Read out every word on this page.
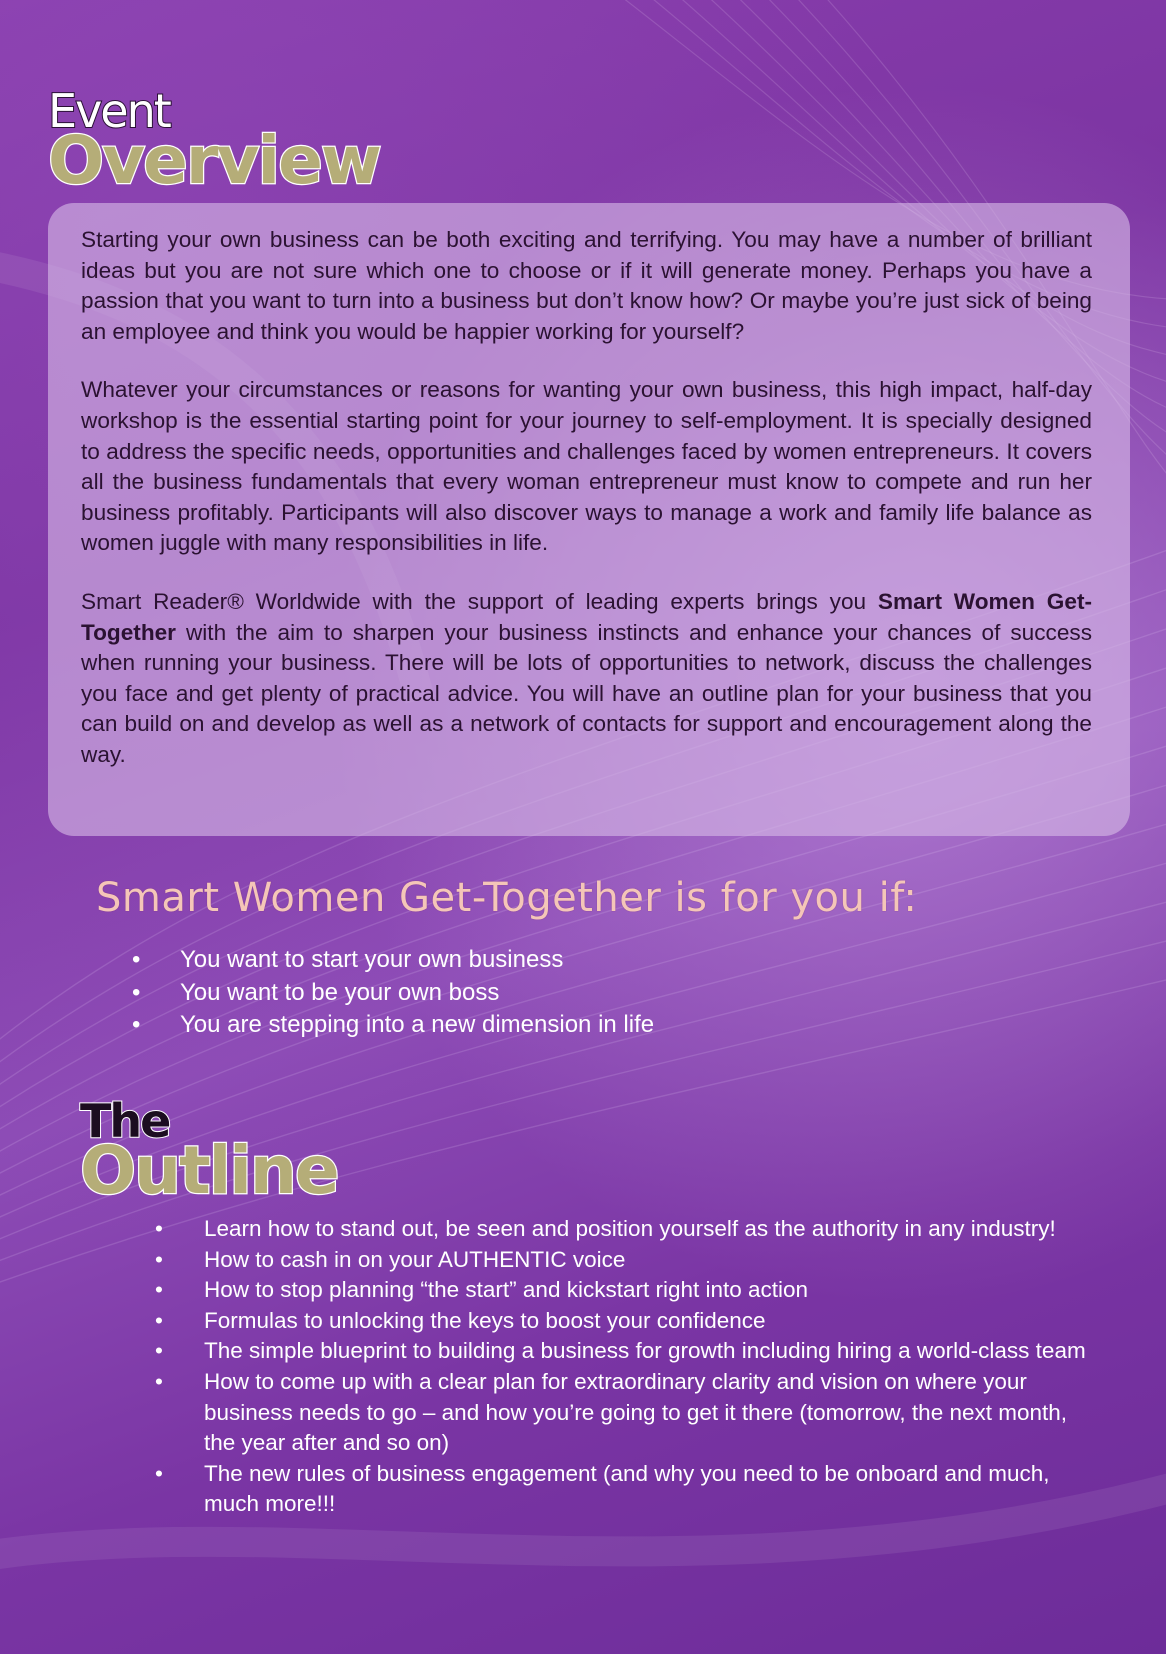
Event
Overview

Starting your own business can be both exciting and terrifying. You may have a number of brilliant ideas but you are not sure which one to choose or if it will generate money. Perhaps you have a passion that you want to turn into a business but don’t know how? Or maybe you’re just sick of being an employee and think you would be happier working for yourself?

Whatever your circumstances or reasons for wanting your own business, this high impact, half-day workshop is the essential starting point for your journey to self-employment. It is specially designed to address the specific needs, opportunities and challenges faced by women entrepreneurs. It covers all the business fundamentals that every woman entrepreneur must know to compete and run her business profitably. Participants will also discover ways to manage a work and family life balance as women juggle with many responsibilities in life.

Smart Reader® Worldwide with the support of leading experts brings you Smart Women Get-Together with the aim to sharpen your business instincts and enhance your chances of success when running your business. There will be lots of opportunities to network, discuss the challenges you face and get plenty of practical advice. You will have an outline plan for your business that you can build on and develop as well as a network of contacts for support and encouragement along the way.

Smart Women Get-Together is for you if:
• You want to start your own business
• You want to be your own boss
• You are stepping into a new dimension in life
The
Outline
• Learn how to stand out, be seen and position yourself as the authority in any industry!
• How to cash in on your AUTHENTIC voice
• How to stop planning “the start” and kickstart right into action
• Formulas to unlocking the keys to boost your confidence
• The simple blueprint to building a business for growth including hiring a world-class team
• How to come up with a clear plan for extraordinary clarity and vision on where your business needs to go – and how you’re going to get it there (tomorrow, the next month, the year after and so on)
• The new rules of business engagement (and why you need to be onboard and much, much more!!!
